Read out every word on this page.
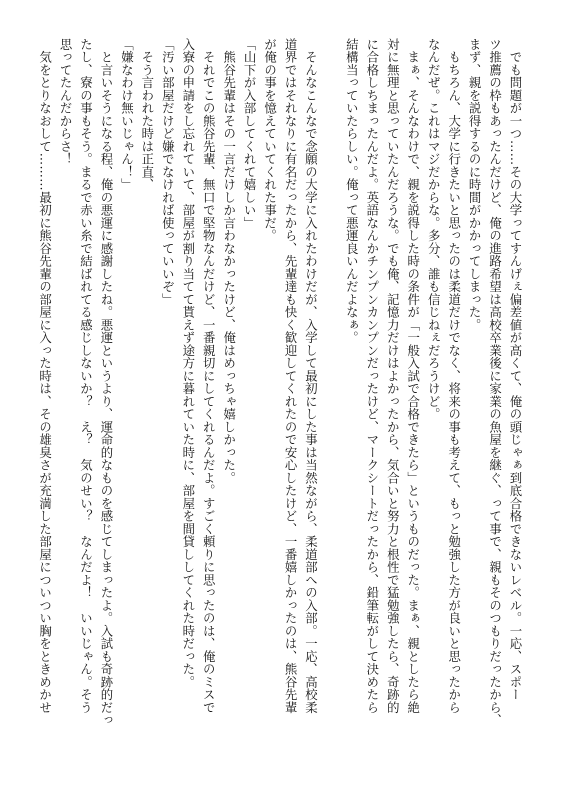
　でも問題が一つ……その大学ってすんげぇ偏差値が高くて、俺の頭じゃぁ到底合格できないレベル。一応、スポー
ツ推薦の枠もあったんだけど、俺の進路希望は高校卒業後に家業の魚屋を継ぐ、って事で、親もそのつもりだったから、
まず、親を説得するのに時間がかかってしまった。
　もちろん、大学に行きたいと思ったのは柔道だけでなく、将来の事も考えて、もっと勉強した方が良いと思ったから
なんだぜ。これはマジだからな。多分、誰も信じねぇだろうけど。
　まぁ、そんなわけで、親を説得した時の条件が「一般入試で合格できたら」というものだった。まぁ、親としたら絶
対に無理と思っていたんだろうな。でも俺、記憶力だけはよかったから、気合いと努力と根性で猛勉強したら、奇跡的
に合格しちまったんだよ。英語なんかチンプンカンプンだったけど、マークシートだったから、鉛筆転がして決めたら
結構当っていたらしい。俺って悪運良いんだよなぁ。
　そんなこんなで念願の大学に入れたわけだが、入学して最初にした事は当然ながら、柔道部への入部。一応、高校柔
道界ではそれなりに有名だったから、先輩達も快く歓迎してくれたので安心したけど、一番嬉しかったのは、熊谷先輩
が俺の事を憶えていてくれた事だ。
「山下が入部してくれて嬉しい」
　熊谷先輩はその一言だけしか言わなかったけど、俺はめっちゃ嬉しかった。
　それでこの熊谷先輩、無口で堅物なんだけど、一番親切にしてくれるんだよ。すごく頼りに思ったのは、俺のミスで
入寮の申請をし忘れていて、部屋が割り当てて貰えず途方に暮れていた時に、部屋を間貸ししてくれた時だった。
「汚い部屋だけど嫌でなければ使っていいぞ」
　そう言われた時は正直、
「嫌なわけ無いじゃん！」
　と言いそうになる程、俺の悪運に感謝したね。悪運というより、運命的なものを感じてしまったよ。入試も奇跡的だっ
たし、寮の事もそう。まるで赤い糸で結ばれてる感じしないか？　え？　気のせい？　なんだよ！　いいじゃん。そう
思ってたんだからさ！
　気をとりなおして………最初に熊谷先輩の部屋に入った時は、その雄臭さが充満した部屋についつい胸をときめかせ
